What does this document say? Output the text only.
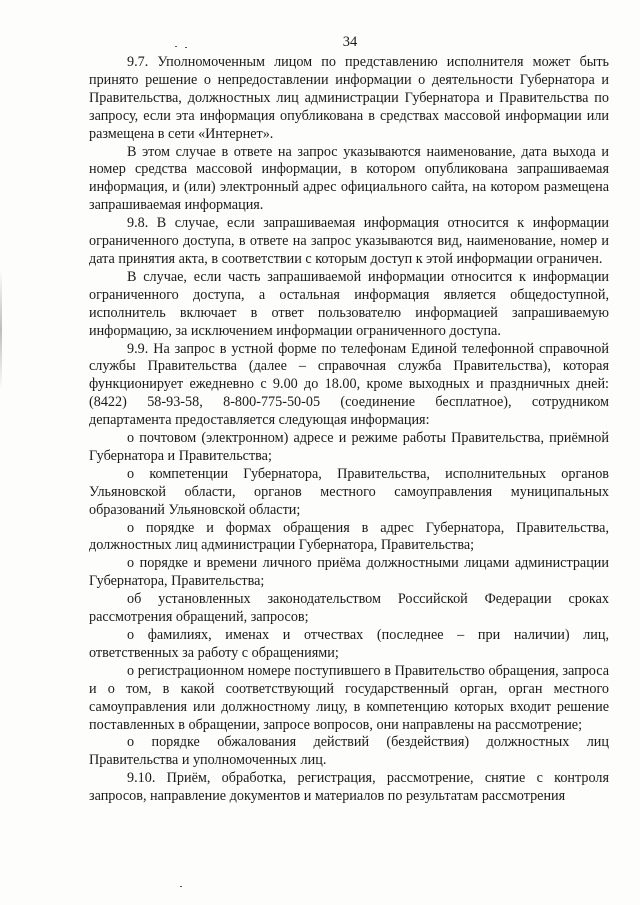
34

9.7. Уполномоченным лицом по представлению исполнителя может быть принято решение о непредоставлении информации о деятельности Губернатора и Правительства, должностных лиц администрации Губернатора и Правительства по запросу, если эта информация опубликована в средствах массовой информации или размещена в сети «Интернет».

В этом случае в ответе на запрос указываются наименование, дата выхода и номер средства массовой информации, в котором опубликована запрашиваемая информация, и (или) электронный адрес официального сайта, на котором размещена запрашиваемая информация.

9.8. В случае, если запрашиваемая информация относится к информации ограниченного доступа, в ответе на запрос указываются вид, наименование, номер и дата принятия акта, в соответствии с которым доступ к этой информации ограничен.

В случае, если часть запрашиваемой информации относится к информации ограниченного доступа, а остальная информация является общедоступной, исполнитель включает в ответ пользователю информацией запрашиваемую информацию, за исключением информации ограниченного доступа.

9.9. На запрос в устной форме по телефонам Единой телефонной справочной службы Правительства (далее – справочная служба Правительства), которая функционирует ежедневно с 9.00 до 18.00, кроме выходных и праздничных дней: (8422) 58-93-58, 8-800-775-50-05 (соединение бесплатное), сотрудником департамента предоставляется следующая информация:

о почтовом (электронном) адресе и режиме работы Правительства, приёмной Губернатора и Правительства;

о компетенции Губернатора, Правительства, исполнительных органов Ульяновской области, органов местного самоуправления муниципальных образований Ульяновской области;

о порядке и формах обращения в адрес Губернатора, Правительства, должностных лиц администрации Губернатора, Правительства;

о порядке и времени личного приёма должностными лицами администрации Губернатора, Правительства;

об установленных законодательством Российской Федерации сроках рассмотрения обращений, запросов;

о фамилиях, именах и отчествах (последнее – при наличии) лиц, ответственных за работу с обращениями;

о регистрационном номере поступившего в Правительство обращения, запроса и о том, в какой соответствующий государственный орган, орган местного самоуправления или должностному лицу, в компетенцию которых входит решение поставленных в обращении, запросе вопросов, они направлены на рассмотрение;

о порядке обжалования действий (бездействия) должностных лиц Правительства и уполномоченных лиц.

9.10. Приём, обработка, регистрация, рассмотрение, снятие с контроля запросов, направление документов и материалов по результатам рассмотрения
